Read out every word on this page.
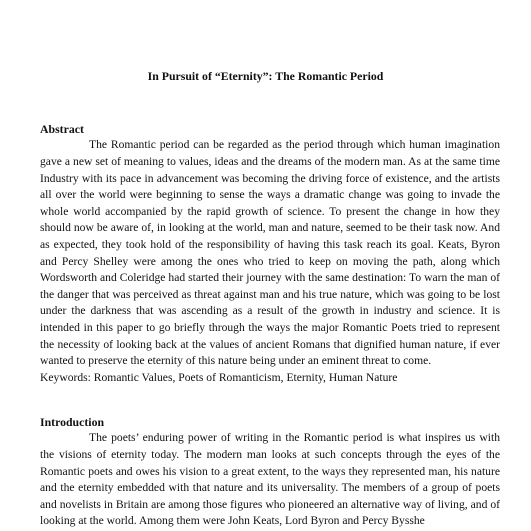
In Pursuit of “Eternity”: The Romantic Period

Abstract

The Romantic period can be regarded as the period through which human imagination gave a new set of meaning to values, ideas and the dreams of the modern man. As at the same time Industry with its pace in advancement was becoming the driving force of existence, and the artists all over the world were beginning to sense the ways a dramatic change was going to invade the whole world accompanied by the rapid growth of science. To present the change in how they should now be aware of, in looking at the world, man and nature, seemed to be their task now. And as expected, they took hold of the responsibility of having this task reach its goal. Keats, Byron and Percy Shelley were among the ones who tried to keep on moving the path, along which Wordsworth and Coleridge had started their journey with the same destination: To warn the man of the danger that was perceived as threat against man and his true nature, which was going to be lost under the darkness that was ascending as a result of the growth in industry and science. It is intended in this paper to go briefly through the ways the major Romantic Poets tried to represent the necessity of looking back at the values of ancient Romans that dignified human nature, if ever wanted to preserve the eternity of this nature being under an eminent threat to come.

Keywords: Romantic Values, Poets of Romanticism, Eternity, Human Nature

Introduction

The poets’ enduring power of writing in the Romantic period is what inspires us with the visions of eternity today. The modern man looks at such concepts through the eyes of the Romantic poets and owes his vision to a great extent, to the ways they represented man, his nature and the eternity embedded with that nature and its universality. The members of a group of poets and novelists in Britain are among those figures who pioneered an alternative way of living, and of looking at the world. Among them were John Keats, Lord Byron and Percy Bysshe
